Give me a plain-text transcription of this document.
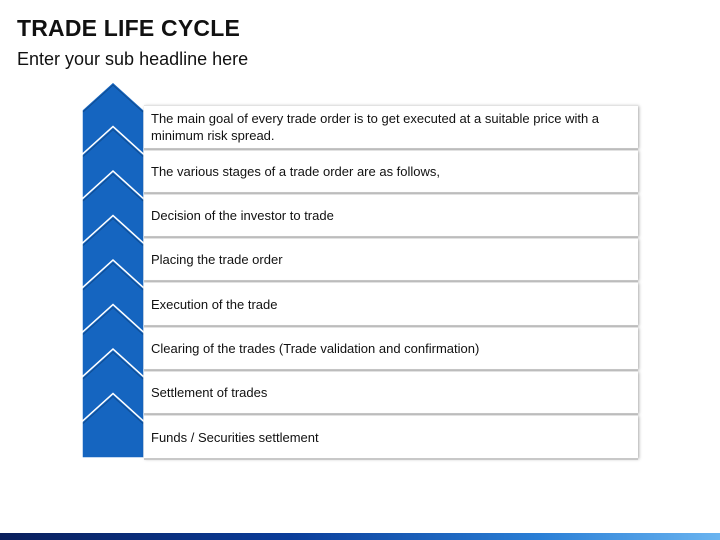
TRADE LIFE CYCLE
Enter your sub headline here
The main goal of every trade order is to get executed at a suitable price with a minimum risk spread.
The various stages of a trade order are as follows,
Decision of the investor to trade
Placing the trade order
Execution of the trade
Clearing of the trades (Trade validation and confirmation)
Settlement of trades
Funds / Securities settlement
